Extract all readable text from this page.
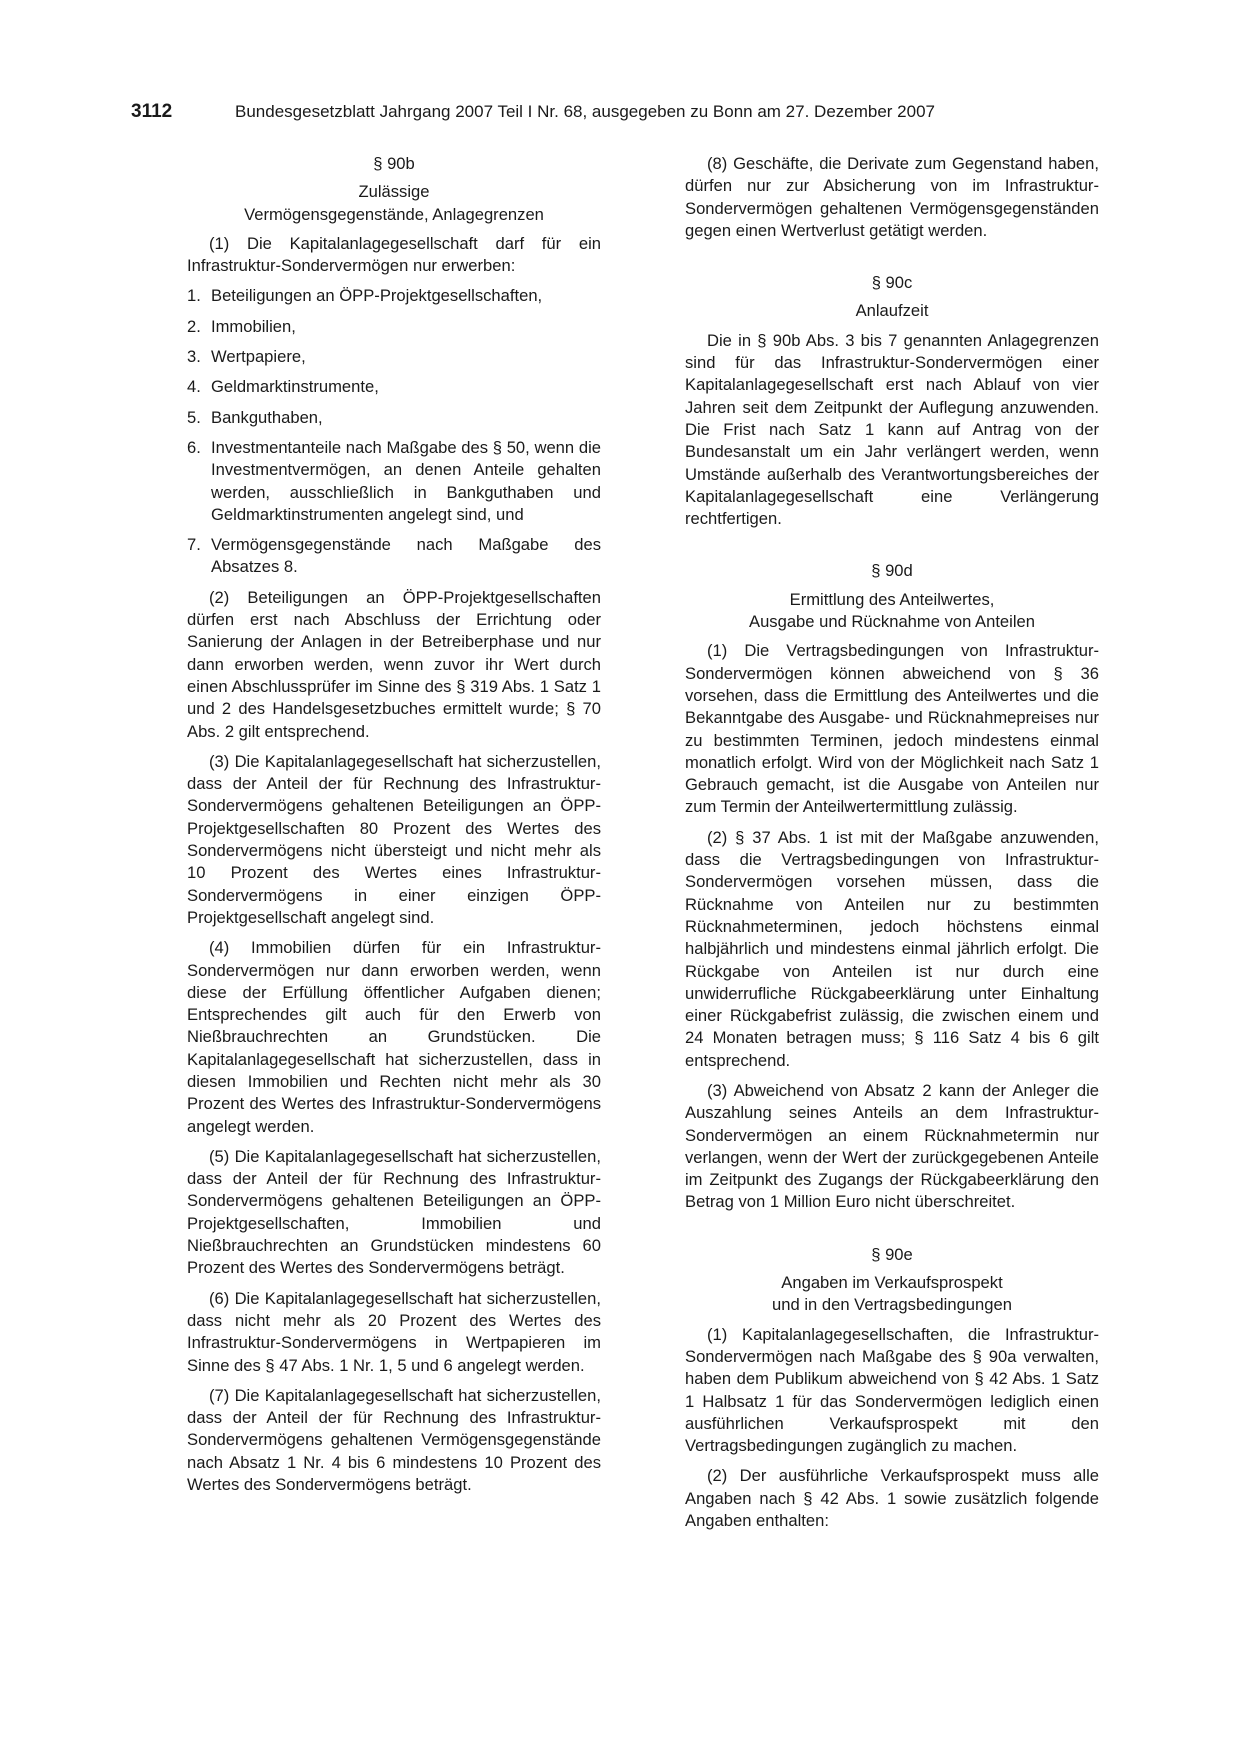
3112	Bundesgesetzblatt Jahrgang 2007 Teil I Nr. 68, ausgegeben zu Bonn am 27. Dezember 2007
§ 90b
Zulässige
Vermögensgegenstände, Anlagegrenzen

(1) Die Kapitalanlagegesellschaft darf für ein Infrastruktur-Sondervermögen nur erwerben:

1. Beteiligungen an ÖPP-Projektgesellschaften,
2. Immobilien,
3. Wertpapiere,
4. Geldmarktinstrumente,
5. Bankguthaben,
6. Investmentanteile nach Maßgabe des § 50, wenn die Investmentvermögen, an denen Anteile gehalten werden, ausschließlich in Bankguthaben und Geldmarktinstrumenten angelegt sind, und
7. Vermögensgegenstände nach Maßgabe des Absatzes 8.

(2) Beteiligungen an ÖPP-Projektgesellschaften dürfen erst nach Abschluss der Errichtung oder Sanierung der Anlagen in der Betreiberphase und nur dann erworben werden, wenn zuvor ihr Wert durch einen Abschlussprüfer im Sinne des § 319 Abs. 1 Satz 1 und 2 des Handelsgesetzbuches ermittelt wurde; § 70 Abs. 2 gilt entsprechend.

(3) Die Kapitalanlagegesellschaft hat sicherzustellen, dass der Anteil der für Rechnung des Infrastruktur-Sondervermögens gehaltenen Beteiligungen an ÖPP-Projektgesellschaften 80 Prozent des Wertes des Sondervermögens nicht übersteigt und nicht mehr als 10 Prozent des Wertes eines Infrastruktur-Sondervermögens in einer einzigen ÖPP-Projektgesellschaft angelegt sind.

(4) Immobilien dürfen für ein Infrastruktur-Sondervermögen nur dann erworben werden, wenn diese der Erfüllung öffentlicher Aufgaben dienen; Entsprechendes gilt auch für den Erwerb von Nießbrauchrechten an Grundstücken. Die Kapitalanlagegesellschaft hat sicherzustellen, dass in diesen Immobilien und Rechten nicht mehr als 30 Prozent des Wertes des Infrastruktur-Sondervermögens angelegt werden.

(5) Die Kapitalanlagegesellschaft hat sicherzustellen, dass der Anteil der für Rechnung des Infrastruktur-Sondervermögens gehaltenen Beteiligungen an ÖPP-Projektgesellschaften, Immobilien und Nießbrauchrechten an Grundstücken mindestens 60 Prozent des Wertes des Sondervermögens beträgt.

(6) Die Kapitalanlagegesellschaft hat sicherzustellen, dass nicht mehr als 20 Prozent des Wertes des Infrastruktur-Sondervermögens in Wertpapieren im Sinne des § 47 Abs. 1 Nr. 1, 5 und 6 angelegt werden.

(7) Die Kapitalanlagegesellschaft hat sicherzustellen, dass der Anteil der für Rechnung des Infrastruktur-Sondervermögens gehaltenen Vermögensgegenstände nach Absatz 1 Nr. 4 bis 6 mindestens 10 Prozent des Wertes des Sondervermögens beträgt.

(8) Geschäfte, die Derivate zum Gegenstand haben, dürfen nur zur Absicherung von im Infrastruktur-Sondervermögen gehaltenen Vermögensgegenständen gegen einen Wertverlust getätigt werden.

§ 90c
Anlaufzeit

Die in § 90b Abs. 3 bis 7 genannten Anlagegrenzen sind für das Infrastruktur-Sondervermögen einer Kapitalanlagegesellschaft erst nach Ablauf von vier Jahren seit dem Zeitpunkt der Auflegung anzuwenden. Die Frist nach Satz 1 kann auf Antrag von der Bundesanstalt um ein Jahr verlängert werden, wenn Umstände außerhalb des Verantwortungsbereiches der Kapitalanlagegesellschaft eine Verlängerung rechtfertigen.

§ 90d
Ermittlung des Anteilwertes,
Ausgabe und Rücknahme von Anteilen

(1) Die Vertragsbedingungen von Infrastruktur-Sondervermögen können abweichend von § 36 vorsehen, dass die Ermittlung des Anteilwertes und die Bekanntgabe des Ausgabe- und Rücknahmepreises nur zu bestimmten Terminen, jedoch mindestens einmal monatlich erfolgt. Wird von der Möglichkeit nach Satz 1 Gebrauch gemacht, ist die Ausgabe von Anteilen nur zum Termin der Anteilwertermittlung zulässig.

(2) § 37 Abs. 1 ist mit der Maßgabe anzuwenden, dass die Vertragsbedingungen von Infrastruktur-Sondervermögen vorsehen müssen, dass die Rücknahme von Anteilen nur zu bestimmten Rücknahmeterminen, jedoch höchstens einmal halbjährlich und mindestens einmal jährlich erfolgt. Die Rückgabe von Anteilen ist nur durch eine unwiderrufliche Rückgabeerklärung unter Einhaltung einer Rückgabefrist zulässig, die zwischen einem und 24 Monaten betragen muss; § 116 Satz 4 bis 6 gilt entsprechend.

(3) Abweichend von Absatz 2 kann der Anleger die Auszahlung seines Anteils an dem Infrastruktur-Sondervermögen an einem Rücknahmetermin nur verlangen, wenn der Wert der zurückgegebenen Anteile im Zeitpunkt des Zugangs der Rückgabeerklärung den Betrag von 1 Million Euro nicht überschreitet.

§ 90e
Angaben im Verkaufsprospekt
und in den Vertragsbedingungen

(1) Kapitalanlagegesellschaften, die Infrastruktur-Sondervermögen nach Maßgabe des § 90a verwalten, haben dem Publikum abweichend von § 42 Abs. 1 Satz 1 Halbsatz 1 für das Sondervermögen lediglich einen ausführlichen Verkaufsprospekt mit den Vertragsbedingungen zugänglich zu machen.

(2) Der ausführliche Verkaufsprospekt muss alle Angaben nach § 42 Abs. 1 sowie zusätzlich folgende Angaben enthalten:
